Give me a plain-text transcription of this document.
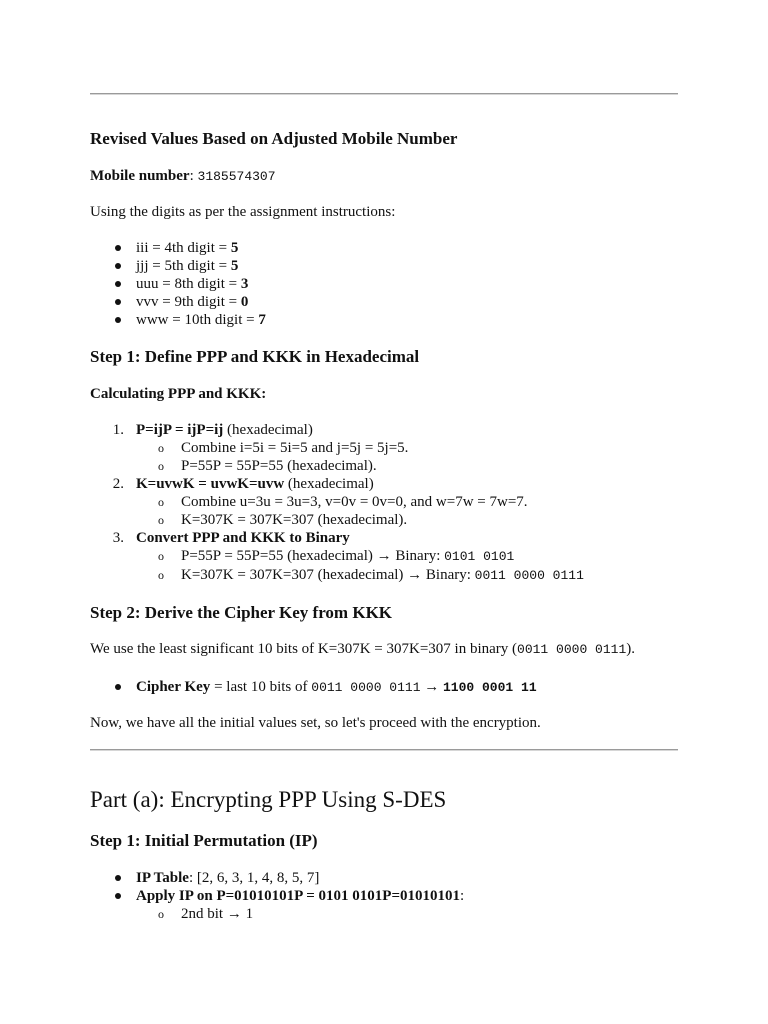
Revised Values Based on Adjusted Mobile Number
Mobile number: 3185574307
Using the digits as per the assignment instructions:
iii = 4th digit = 5
jjj = 5th digit = 5
uuu = 8th digit = 3
vvv = 9th digit = 0
www = 10th digit = 7
Step 1: Define PPP and KKK in Hexadecimal
Calculating PPP and KKK:
1. P=ijP = ijP=ij (hexadecimal)
o Combine i=5i = 5i=5 and j=5j = 5j=5.
o P=55P = 55P=55 (hexadecimal).
2. K=uvwK = uvwK=uvw (hexadecimal)
o Combine u=3u = 3u=3, v=0v = 0v=0, and w=7w = 7w=7.
o K=307K = 307K=307 (hexadecimal).
3. Convert PPP and KKK to Binary
o P=55P = 55P=55 (hexadecimal) → Binary: 0101 0101
o K=307K = 307K=307 (hexadecimal) → Binary: 0011 0000 0111
Step 2: Derive the Cipher Key from KKK
We use the least significant 10 bits of K=307K = 307K=307 in binary (0011 0000 0111).
Cipher Key = last 10 bits of 0011 0000 0111 → 1100 0001 11
Now, we have all the initial values set, so let's proceed with the encryption.
Part (a): Encrypting PPP Using S-DES
Step 1: Initial Permutation (IP)
IP Table: [2, 6, 3, 1, 4, 8, 5, 7]
Apply IP on P=01010101P = 0101 0101P=01010101:
o 2nd bit → 1
